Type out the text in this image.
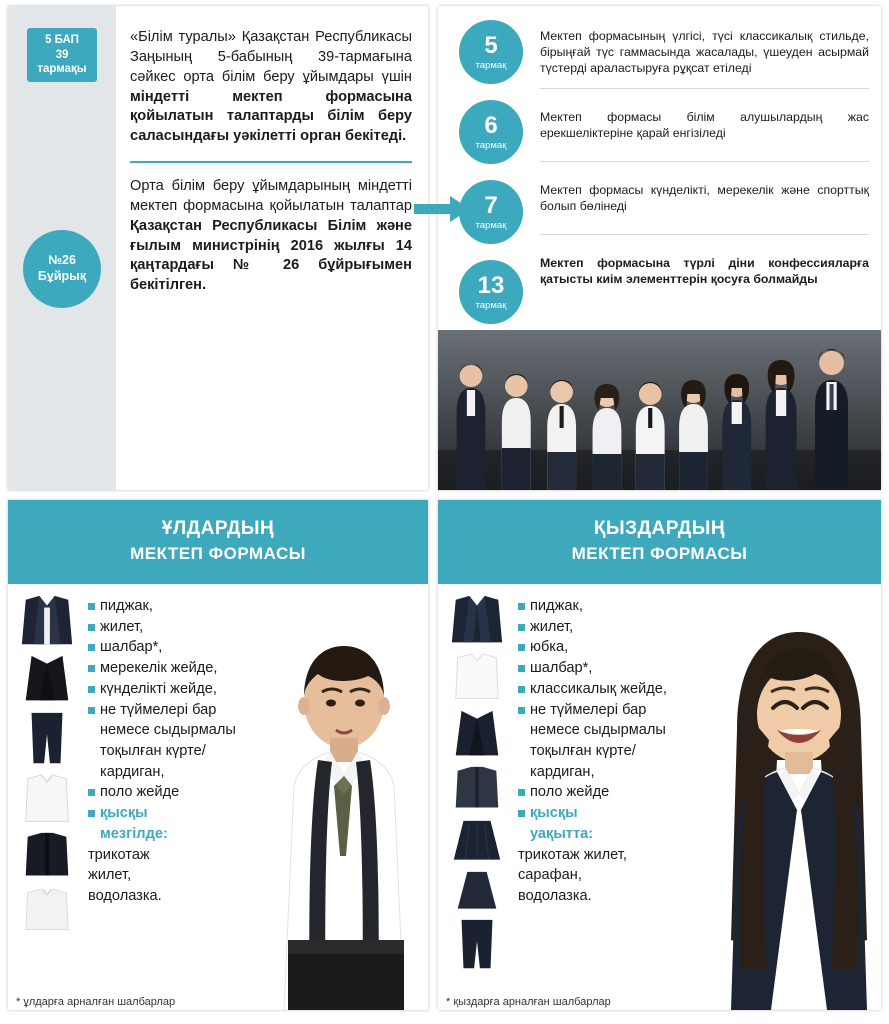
5 БАП
39
тармақы
№26
Бұйрық
«Білім туралы» Қазақстан Республикасы Заңының 5-бабының 39-тармағына сәйкес орта білім беру ұйымдары үшін міндетті мектеп формасына қойылатын талаптарды білім беру саласындағы уәкілетті орган бекітеді.
Орта білім беру ұйымдарының міндетті мектеп формасына қойылатын талаптар Қазақстан Республикасы Білім және ғылым министрінің 2016 жылғы 14 қаңтардағы № 26 бұйрығымен бекітілген.
5
тармақ
6
тармақ
7
тармақ
13
тармақ
Мектеп формасының үлгісі, түсі классикалық стильде, бірыңғай түс гаммасында жасалады, үшеуден асырмай түстерді араластыруға рұқсат етіледі
Мектеп формасы білім алушылардың жас ерекшеліктеріне қарай енгізіледі
Мектеп формасы күнделікті, мерекелік және спорттық болып бөлінеді
Мектеп формасына түрлі діни конфессияларға қатысты киім элементтерін қосуға болмайды
ҰЛДАРДЫҢ
МЕКТЕП ФОРМАСЫ
пиджак,
жилет,
шалбар*,
мерекелік жейде,
күнделікті жейде,
не түймелері бар немесе сыдырмалы тоқылған күрте/кардиган,
поло жейде
қысқы
мезгілде:
трикотаж
жилет,
водолазка.
* ұлдарға арналған шалбарлар
ҚЫЗДАРДЫҢ
МЕКТЕП ФОРМАСЫ
пиджак,
жилет,
юбка,
шалбар*,
классикалық жейде,
не түймелері бар немесе сыдырмалы тоқылған күрте/кардиган,
поло жейде
қысқы
уақытта:
трикотаж жилет,
сарафан,
водолазка.
* қыздарға арналған шалбарлар
